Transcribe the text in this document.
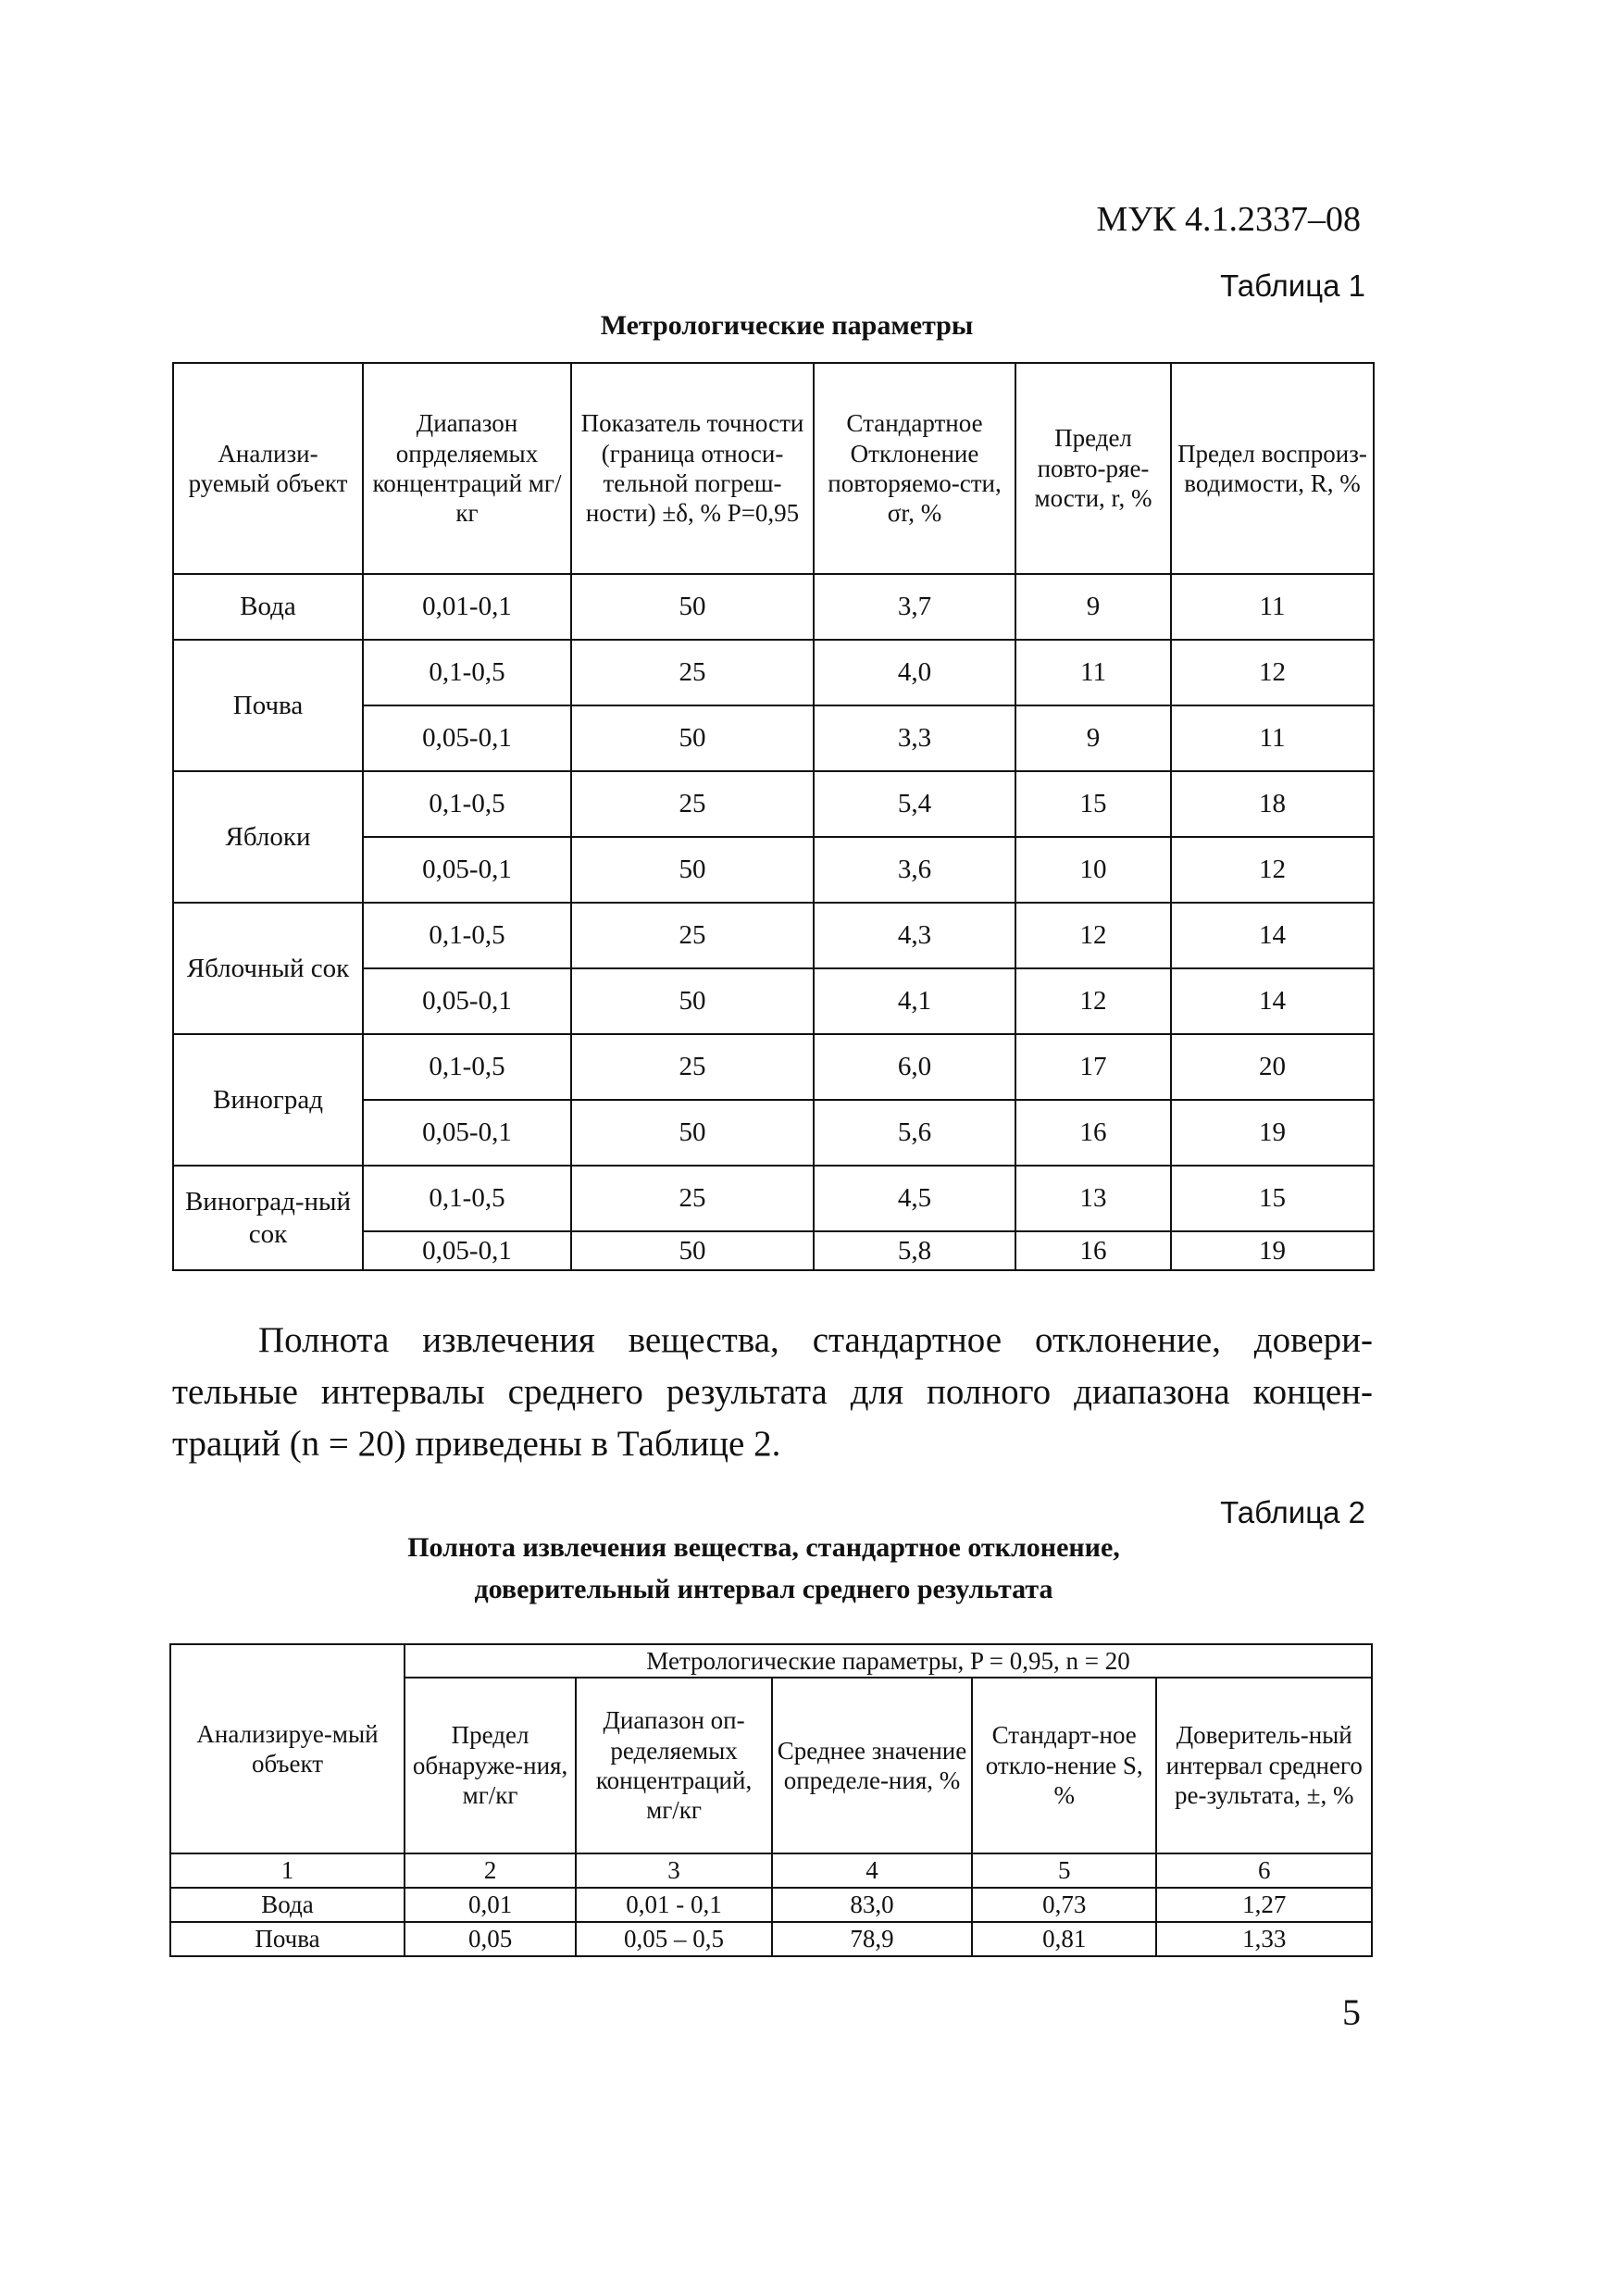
МУК 4.1.2337–08
Таблица 1
Метрологические параметры
Анализи-руемый объект	Диапазон опрделяемых концентраций мг/кг	Показатель точности (граница относи-тельной погреш-ности) ±δ, % P=0,95	Стандартное Отклонение повторяемо-сти, σr, %	Предел повто-ряе-мости, r, %	Предел воспроиз-водимости, R, %
Вода	0,01-0,1	50	3,7	9	11
Почва	0,1-0,5	25	4,0	11	12
	0,05-0,1	50	3,3	9	11
Яблоки	0,1-0,5	25	5,4	15	18
	0,05-0,1	50	3,6	10	12
Яблочный сок	0,1-0,5	25	4,3	12	14
	0,05-0,1	50	4,1	12	14
Виноград	0,1-0,5	25	6,0	17	20
	0,05-0,1	50	5,6	16	19
Виноград-ный сок	0,1-0,5	25	4,5	13	15
	0,05-0,1	50	5,8	16	19

Полнота извлечения вещества, стандартное отклонение, довери-
тельные интервалы среднего результата для полного диапазона концен-
траций (n = 20) приведены в Таблице 2.

Таблица 2
Полнота извлечения вещества, стандартное отклонение,
доверительный интервал среднего результата
Анализируе-мый объект	Метрологические параметры, P = 0,95, n = 20				
	Предел обнаруже-ния, мг/кг	Диапазон оп-ределяемых концентраций, мг/кг	Среднее значение определе-ния, %	Стандарт-ное откло-нение S, %	Доверитель-ный интервал среднего ре-зультата, ±, %
1	2	3	4	5	6
Вода	0,01	0,01 - 0,1	83,0	0,73	1,27
Почва	0,05	0,05 – 0,5	78,9	0,81	1,33
5
